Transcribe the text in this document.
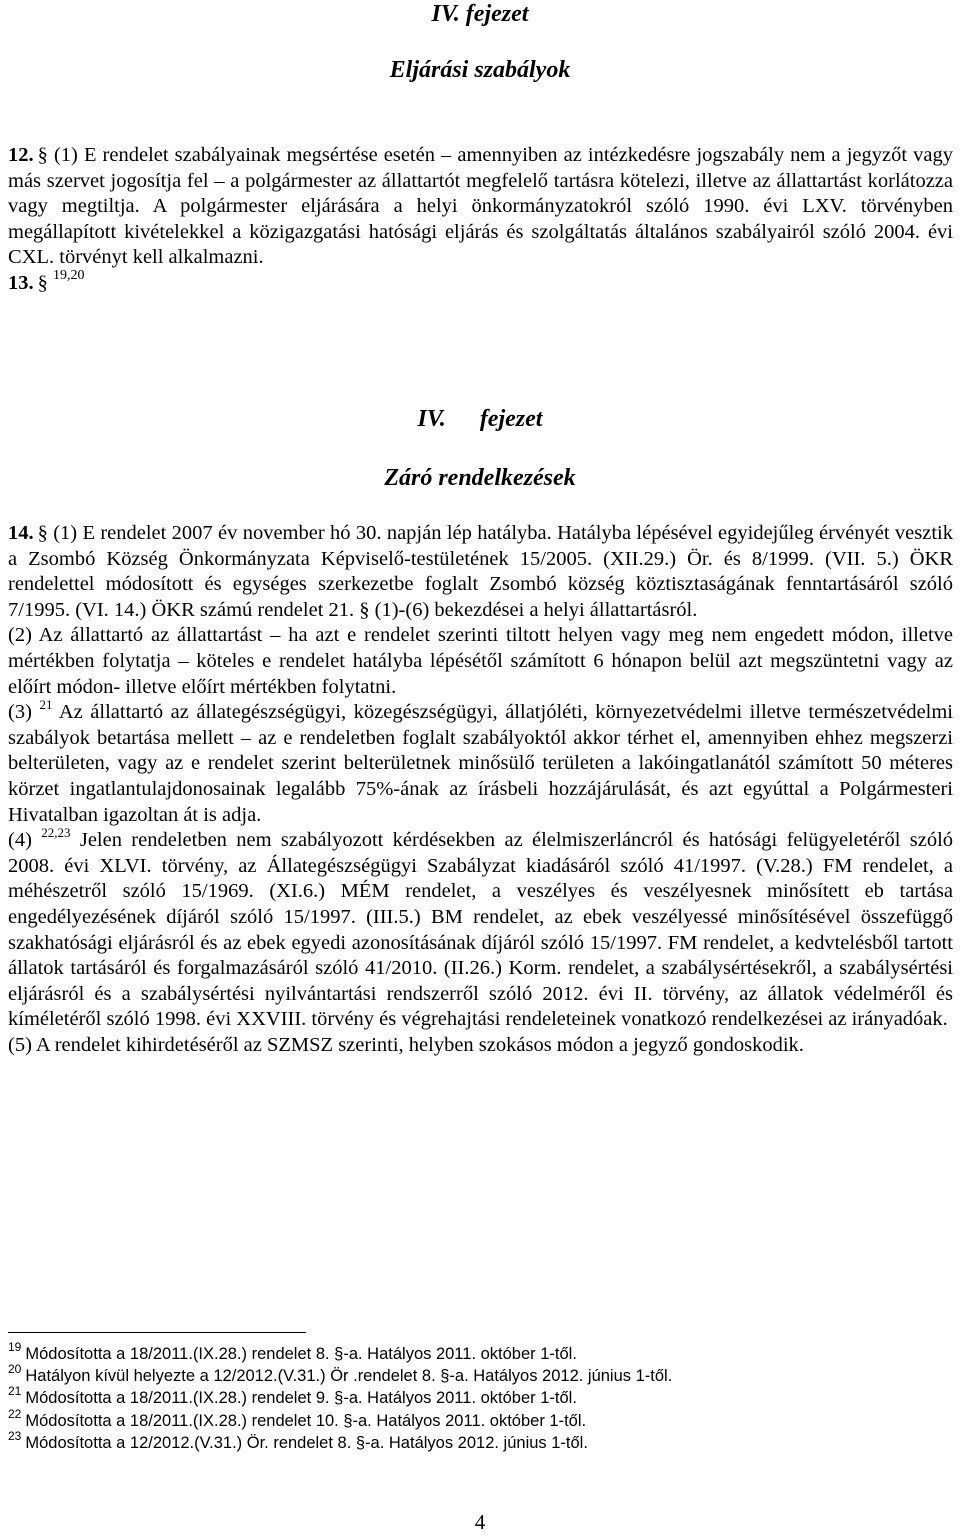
IV. fejezet
Eljárási szabályok

12. § (1) E rendelet szabályainak megsértése esetén – amennyiben az intézkedésre jogszabály nem a jegyzőt vagy más szervet jogosítja fel – a polgármester az állattartót megfelelő tartásra kötelezi, illetve az állattartást korlátozza vagy megtiltja. A polgármester eljárására a helyi önkormányzatokról szóló 1990. évi LXV. törvényben megállapított kivételekkel a közigazgatási hatósági eljárás és szolgáltatás általános szabályairól szóló 2004. évi CXL. törvényt kell alkalmazni.

13. § $^{19,20}$

IV. fejezet
Záró rendelkezések

14. § (1) E rendelet 2007 év november hó 30. napján lép hatályba. Hatályba lépésével egyidejűleg érvényét vesztik a Zsombó Község Önkormányzata Képviselő-testületének 15/2005. (XII.29.) Ör. és 8/1999. (VII. 5.) ÖKR rendelettel módosított és egységes szerkezetbe foglalt Zsombó község köztisztaságának fenntartásáról szóló 7/1995. (VI. 14.) ÖKR számú rendelet 21. § (1)-(6) bekezdései a helyi állattartásról.

(2) Az állattartó az állattartást – ha azt e rendelet szerinti tiltott helyen vagy meg nem engedett módon, illetve mértékben folytatja – köteles e rendelet hatályba lépésétől számított 6 hónapon belül azt megszüntetni vagy az előírt módon- illetve előírt mértékben folytatni.

(3) $^{21}$ Az állattartó az állategészségügyi, közegészségügyi, állatjóléti, környezetvédelmi illetve természetvédelmi szabályok betartása mellett – az e rendeletben foglalt szabályoktól akkor térhet el, amennyiben ehhez megszerzi belterületen, vagy az e rendelet szerint belterületnek minősülő területen a lakóingatlanától számított 50 méteres körzet ingatlantulajdonosainak legalább 75%-ának az írásbeli hozzájárulását, és azt egyúttal a Polgármesteri Hivatalban igazoltan át is adja.

(4) $^{22,23}$ Jelen rendeletben nem szabályozott kérdésekben az élelmiszerláncról és hatósági felügyeletéről szóló 2008. évi XLVI. törvény, az Állategészségügyi Szabályzat kiadásáról szóló 41/1997. (V.28.) FM rendelet, a méhészetről szóló 15/1969. (XI.6.) MÉM rendelet, a veszélyes és veszélyesnek minősített eb tartása engedélyezésének díjáról szóló 15/1997. (III.5.) BM rendelet, az ebek veszélyessé minősítésével összefüggő szakhatósági eljárásról és az ebek egyedi azonosításának díjáról szóló 15/1997. FM rendelet, a kedvtelésből tartott állatok tartásáról és forgalmazásáról szóló 41/2010. (II.26.) Korm. rendelet, a szabálysértésekről, a szabálysértési eljárásról és a szabálysértési nyilvántartási rendszerről szóló 2012. évi II. törvény, az állatok védelméről és kíméletéről szóló 1998. évi XXVIII. törvény és végrehajtási rendeleteinek vonatkozó rendelkezései az irányadóak.

(5) A rendelet kihirdetéséről az SZMSZ szerinti, helyben szokásos módon a jegyző gondoskodik.

$^{19}$ Módosította a 18/2011.(IX.28.) rendelet 8. §-a. Hatályos 2011. október 1-től.
$^{20}$ Hatályon kívül helyezte a 12/2012.(V.31.) Ör .rendelet 8. §-a. Hatályos 2012. június 1-től.
$^{21}$ Módosította a 18/2011.(IX.28.) rendelet 9. §-a. Hatályos 2011. október 1-től.
$^{22}$ Módosította a 18/2011.(IX.28.) rendelet 10. §-a. Hatályos 2011. október 1-től.
$^{23}$ Módosította a 12/2012.(V.31.) Ör. rendelet 8. §-a. Hatályos 2012. június 1-től.
4
